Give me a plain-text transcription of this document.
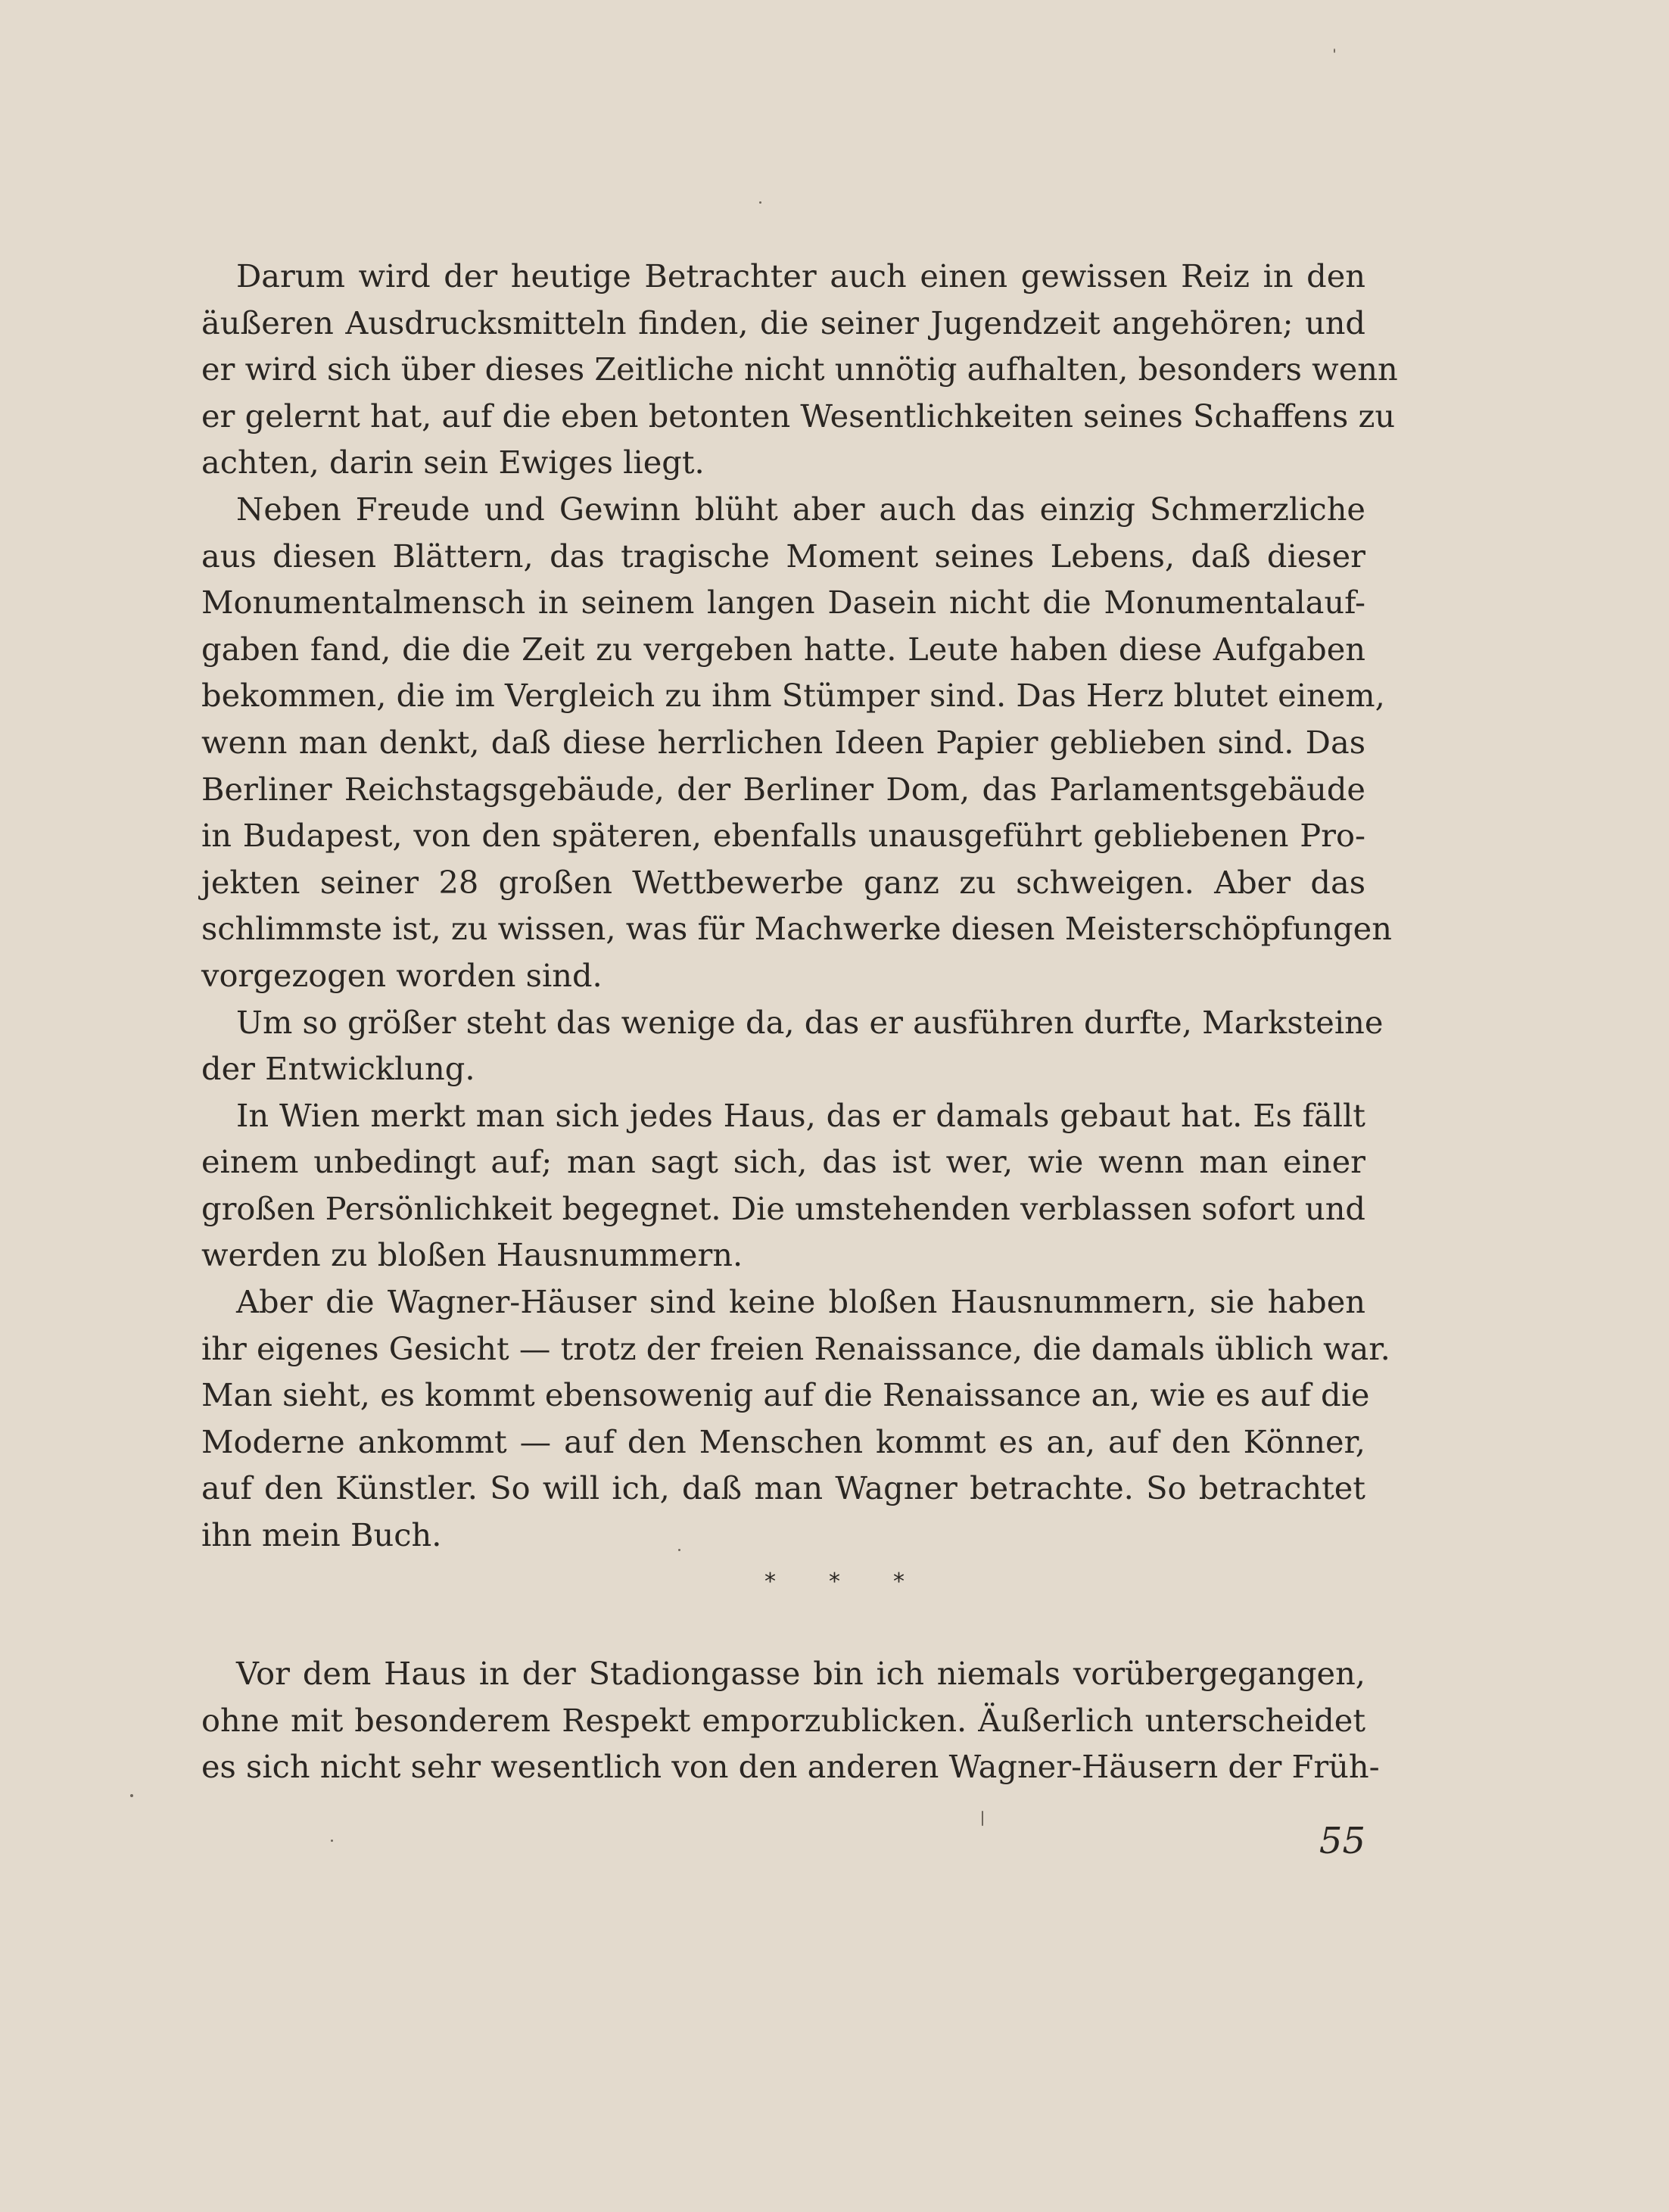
Darum wird der heutige Betrachter auch einen gewissen Reiz in den
äußeren Ausdrucksmitteln finden, die seiner Jugendzeit angehören; und
er wird sich über dieses Zeitliche nicht unnötig aufhalten, besonders wenn
er gelernt hat, auf die eben betonten Wesentlichkeiten seines Schaffens zu
achten, darin sein Ewiges liegt.
Neben Freude und Gewinn blüht aber auch das einzig Schmerzliche
aus diesen Blättern, das tragische Moment seines Lebens, daß dieser
Monumentalmensch in seinem langen Dasein nicht die Monumentalauf-
gaben fand, die die Zeit zu vergeben hatte. Leute haben diese Aufgaben
bekommen, die im Vergleich zu ihm Stümper sind. Das Herz blutet einem,
wenn man denkt, daß diese herrlichen Ideen Papier geblieben sind. Das
Berliner Reichstagsgebäude, der Berliner Dom, das Parlamentsgebäude
in Budapest, von den späteren, ebenfalls unausgeführt gebliebenen Pro-
jekten seiner 28 großen Wettbewerbe ganz zu schweigen. Aber das
schlimmste ist, zu wissen, was für Machwerke diesen Meisterschöpfungen
vorgezogen worden sind.
Um so größer steht das wenige da, das er ausführen durfte, Marksteine
der Entwicklung.
In Wien merkt man sich jedes Haus, das er damals gebaut hat. Es fällt
einem unbedingt auf; man sagt sich, das ist wer, wie wenn man einer
großen Persönlichkeit begegnet. Die umstehenden verblassen sofort und
werden zu bloßen Hausnummern.
Aber die Wagner-Häuser sind keine bloßen Hausnummern, sie haben
ihr eigenes Gesicht — trotz der freien Renaissance, die damals üblich war.
Man sieht, es kommt ebensowenig auf die Renaissance an, wie es auf die
Moderne ankommt — auf den Menschen kommt es an, auf den Könner,
auf den Künstler. So will ich, daß man Wagner betrachte. So betrachtet
ihn mein Buch.
* * *
Vor dem Haus in der Stadiongasse bin ich niemals vorübergegangen,
ohne mit besonderem Respekt emporzublicken. Äußerlich unterscheidet
es sich nicht sehr wesentlich von den anderen Wagner-Häusern der Früh-
55
